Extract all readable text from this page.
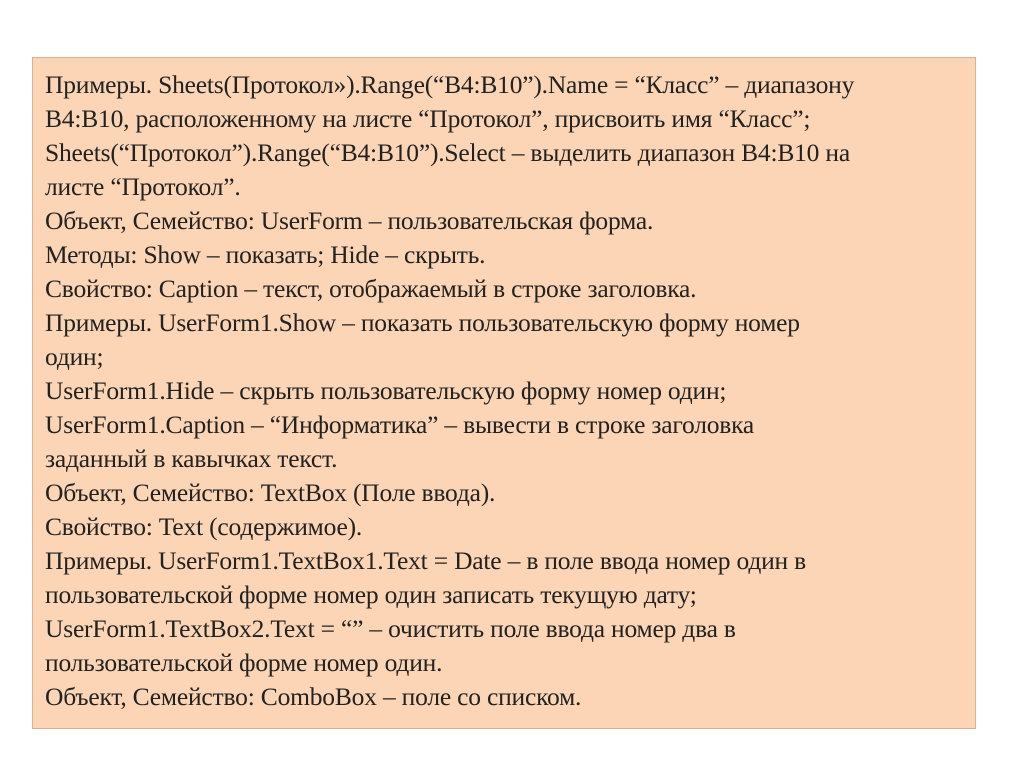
Примеры. Sheets(Протокол»).Range(“B4:B10”).Name = “Класс” – диапазону
B4:B10, расположенному на листе “Протокол”, присвоить имя “Класс”;
Sheets(“Протокол”).Range(“B4:B10”).Select – выделить диапазон B4:B10 на
листе “Протокол”.
Объект, Семейство: UserForm – пользовательская форма.
Методы: Show – показать; Hide – скрыть.
Свойство: Caption – текст, отображаемый в строке заголовка.
Примеры. UserForm1.Show – показать пользовательскую форму номер
один;
UserForm1.Hide – скрыть пользовательскую форму номер один;
UserForm1.Caption – “Информатика” – вывести в строке заголовка
заданный в кавычках текст.
Объект, Семейство: TextBox (Поле ввода).
Свойство: Text (содержимое).
Примеры. UserForm1.TextBox1.Text = Date – в поле ввода номер один в
пользовательской форме номер один записать текущую дату;
UserForm1.TextBox2.Text = “” – очистить поле ввода номер два в
пользовательской форме номер один.
Объект, Семейство: ComboBox – поле со списком.
